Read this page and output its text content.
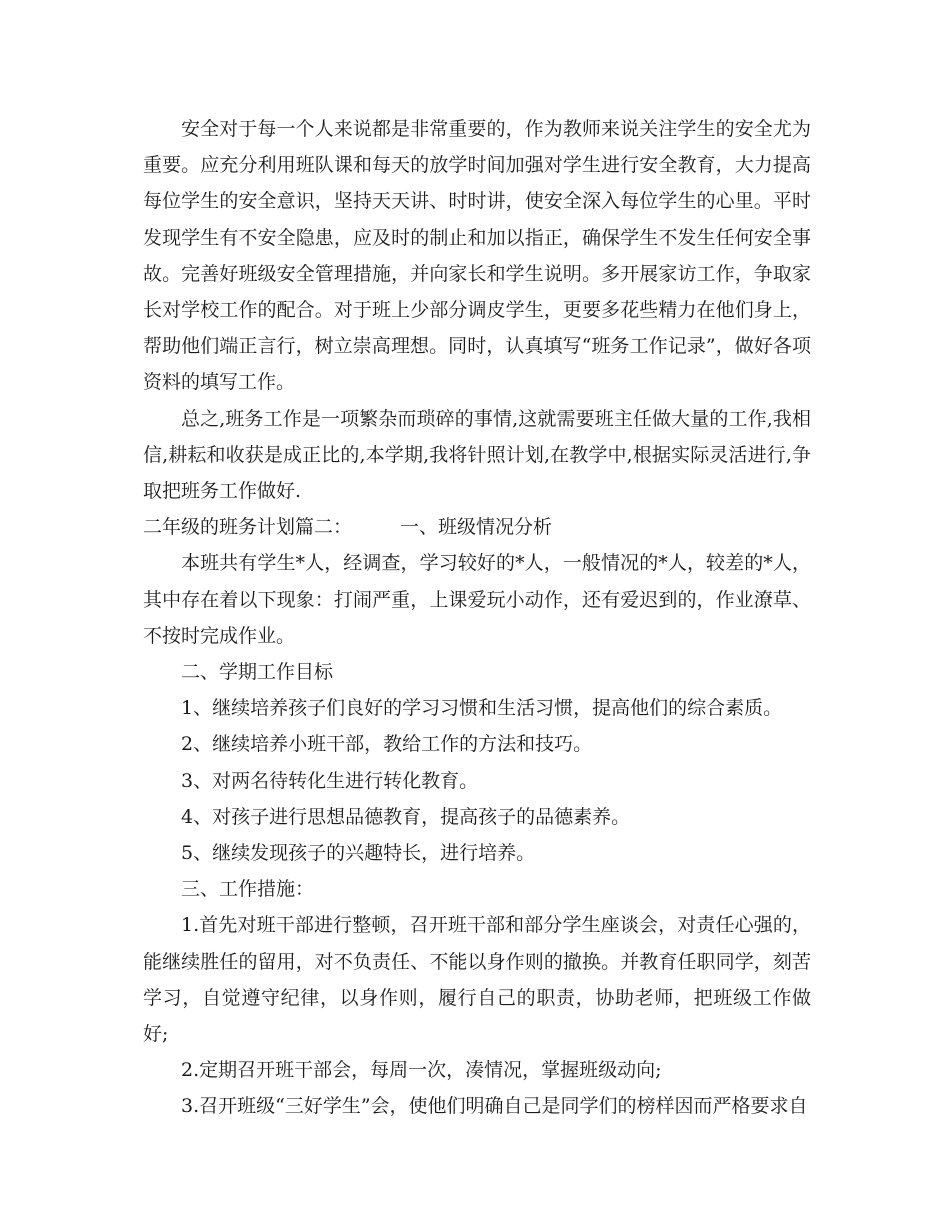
安全对于每一个人来说都是非常重要的，作为教师来说关注学生的安全尤为重要。应充分利用班队课和每天的放学时间加强对学生进行安全教育，大力提高每位学生的安全意识，坚持天天讲、时时讲，使安全深入每位学生的心里。平时发现学生有不安全隐患，应及时的制止和加以指正，确保学生不发生任何安全事故。完善好班级安全管理措施，并向家长和学生说明。多开展家访工作，争取家长对学校工作的配合。对于班上少部分调皮学生，更要多花些精力在他们身上，帮助他们端正言行，树立崇高理想。同时，认真填写“班务工作记录”，做好各项资料的填写工作。

总之,班务工作是一项繁杂而琐碎的事情,这就需要班主任做大量的工作,我相信,耕耘和收获是成正比的,本学期,我将针照计划,在教学中,根据实际灵活进行,争取把班务工作做好.

二年级的班务计划篇二：	一、班级情况分析

本班共有学生*人，经调查，学习较好的*人，一般情况的*人，较差的*人，其中存在着以下现象：打闹严重，上课爱玩小动作，还有爱迟到的，作业潦草、不按时完成作业。

二、学期工作目标

1、继续培养孩子们良好的学习习惯和生活习惯，提高他们的综合素质。

2、继续培养小班干部，教给工作的方法和技巧。

3、对两名待转化生进行转化教育。

4、对孩子进行思想品德教育，提高孩子的品德素养。

5、继续发现孩子的兴趣特长，进行培养。

三、工作措施：

1.首先对班干部进行整顿，召开班干部和部分学生座谈会，对责任心强的，能继续胜任的留用，对不负责任、不能以身作则的撤换。并教育任职同学，刻苦学习，自觉遵守纪律，以身作则，履行自己的职责，协助老师，把班级工作做好;

2.定期召开班干部会，每周一次，凑情况，掌握班级动向;

3.召开班级“三好学生”会，使他们明确自己是同学们的榜样因而严格要求自
